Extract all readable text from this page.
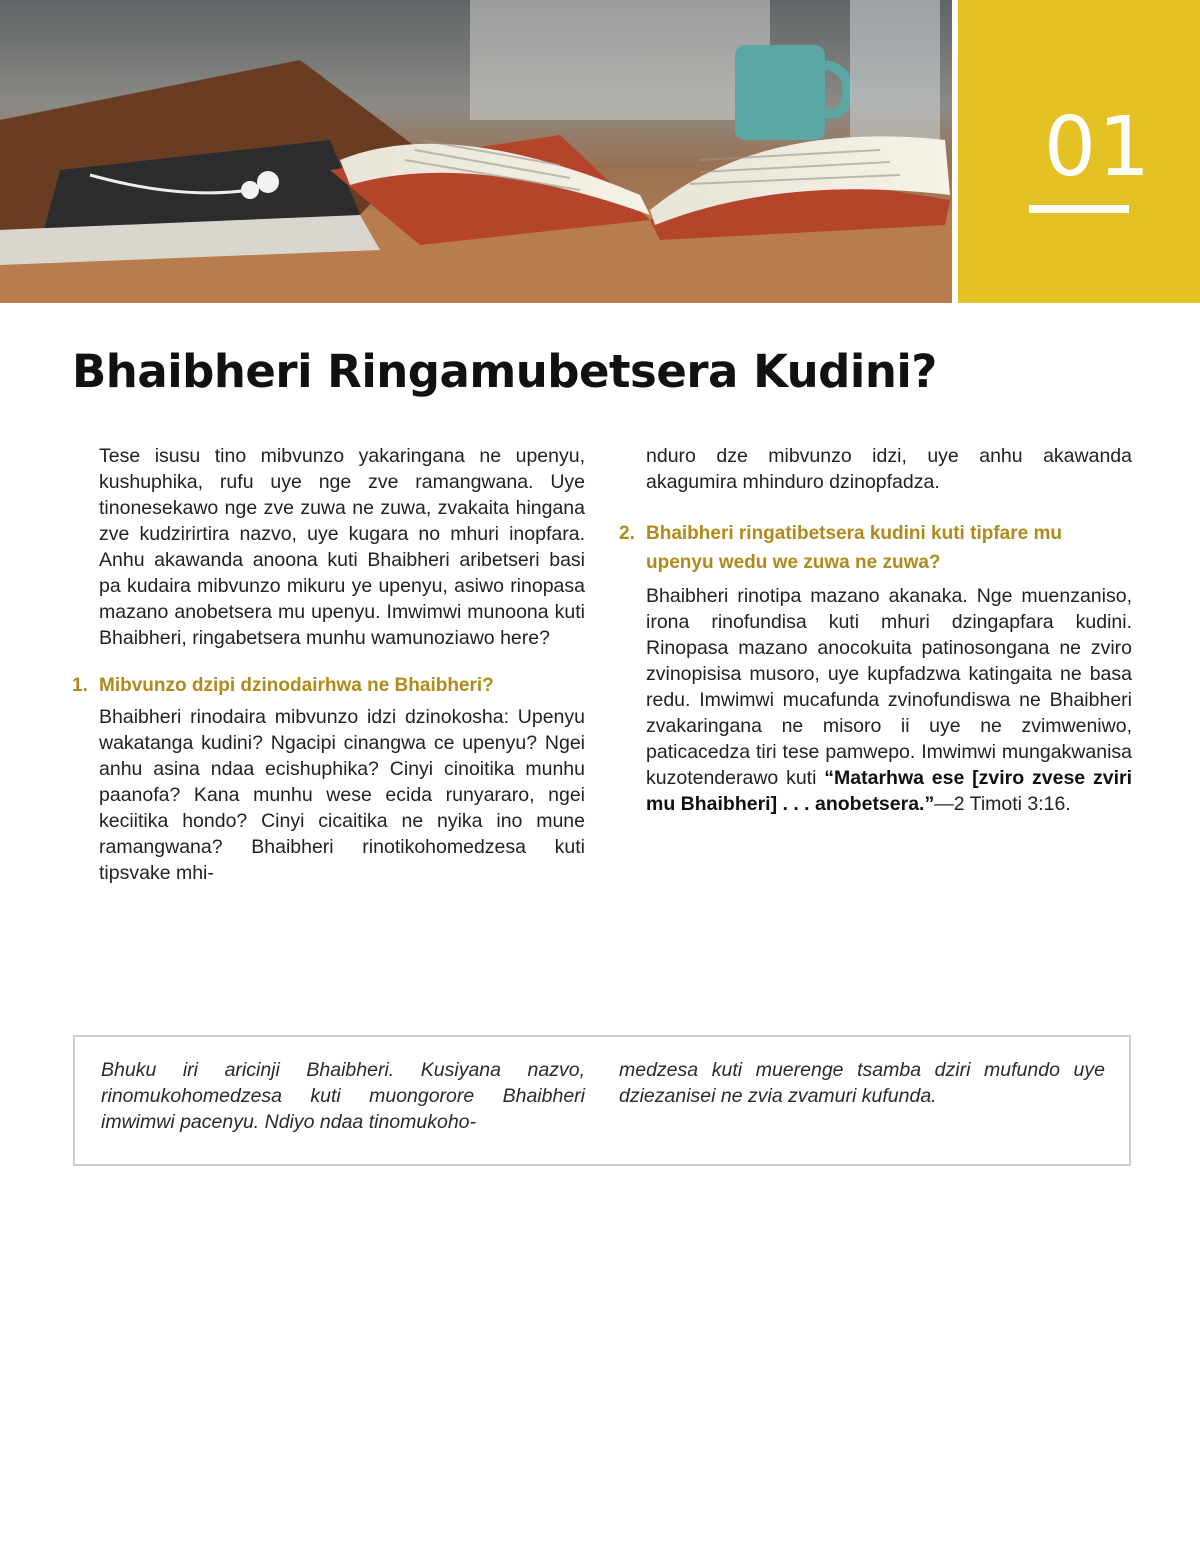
01
Bhaibheri Ringamubetsera Kudini?

Tese isusu tino mibvunzo yakaringana ne upenyu, kushuphika, rufu uye nge zve ramangwana. Uye tinonesekawo nge zve zuwa ne zuwa, zvakaita hingana zve kudzirirtira nazvo, uye kugara no mhuri inopfara. Anhu akawanda anoona kuti Bhaibheri aribetseri basi pa kudaira mibvunzo mikuru ye upenyu, asiwo rinopasa mazano anobetsera mu upenyu. Imwimwi munoona kuti Bhaibheri, ringabetsera munhu wamunoziawo here?

1. Mibvunzo dzipi dzinodairhwa ne Bhaibheri?

Bhaibheri rinodaira mibvunzo idzi dzinokosha: Upenyu wakatanga kudini? Ngacipi cinangwa ce upenyu? Ngei anhu asina ndaa ecishuphika? Cinyi cinoitika munhu paanofa? Kana munhu wese ecida runyararo, ngei keciitika hondo? Cinyi cicaitika ne nyika ino mune ramangwana? Bhaibheri rinotikohomedzesa kuti tipsvake mhi-

nduro dze mibvunzo idzi, uye anhu akawanda akagumira mhinduro dzinopfadza.

2. Bhaibheri ringatibetsera kudini kuti tipfare mu upenyu wedu we zuwa ne zuwa?

Bhaibheri rinotipa mazano akanaka. Nge muenzaniso, irona rinofundisa kuti mhuri dzingapfara kudini. Rinopasa mazano anocokuita patinosongana ne zviro zvinopisisa musoro, uye kupfadzwa katingaita ne basa redu. Imwimwi mucafunda zvinofundiswa ne Bhaibheri zvakaringana ne misoro ii uye ne zvimweniwo, paticacedza tiri tese pamwepo. Imwimwi mungakwanisa kuzotenderawo kuti “Matarhwa ese [zviro zvese zviri mu Bhaibheri] . . . anobetsera.”—2 Timoti 3:16.

Bhuku iri aricinji Bhaibheri. Kusiyana nazvo, rinomukohomedzesa kuti muongorore Bhaibheri imwimwi pacenyu. Ndiyo ndaa tinomukoho-

medzesa kuti muerenge tsamba dziri mufundo uye dziezanisei ne zvia zvamuri kufunda.
